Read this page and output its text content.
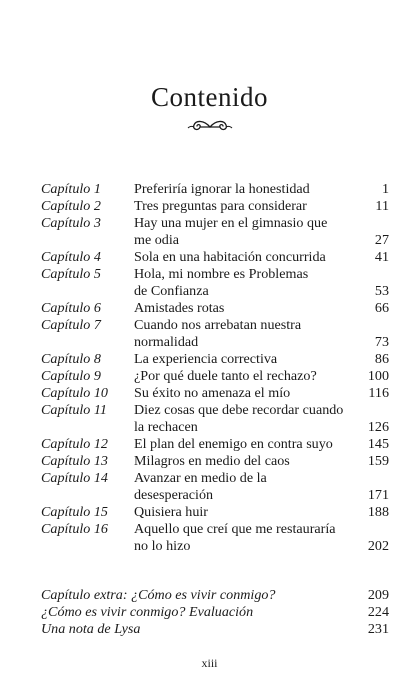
Contenido
Capítulo 1	Preferiría ignorar la honestidad	1
Capítulo 2	Tres preguntas para considerar	11
Capítulo 3	Hay una mujer en el gimnasio que
me odia	27
Capítulo 4	Sola en una habitación concurrida	41
Capítulo 5	Hola, mi nombre es Problemas
de Confianza	53
Capítulo 6	Amistades rotas	66
Capítulo 7	Cuando nos arrebatan nuestra
normalidad	73
Capítulo 8	La experiencia correctiva	86
Capítulo 9	¿Por qué duele tanto el rechazo?	100
Capítulo 10	Su éxito no amenaza el mío	116
Capítulo 11	Diez cosas que debe recordar cuando
la rechacen	126
Capítulo 12	El plan del enemigo en contra suyo	145
Capítulo 13	Milagros en medio del caos	159
Capítulo 14	Avanzar en medio de la
desesperación	171
Capítulo 15	Quisiera huir	188
Capítulo 16	Aquello que creí que me restauraría
no lo hizo	202
Capítulo extra: ¿Cómo es vivir conmigo?	209
¿Cómo es vivir conmigo? Evaluación	224
Una nota de Lysa	231
xiii
